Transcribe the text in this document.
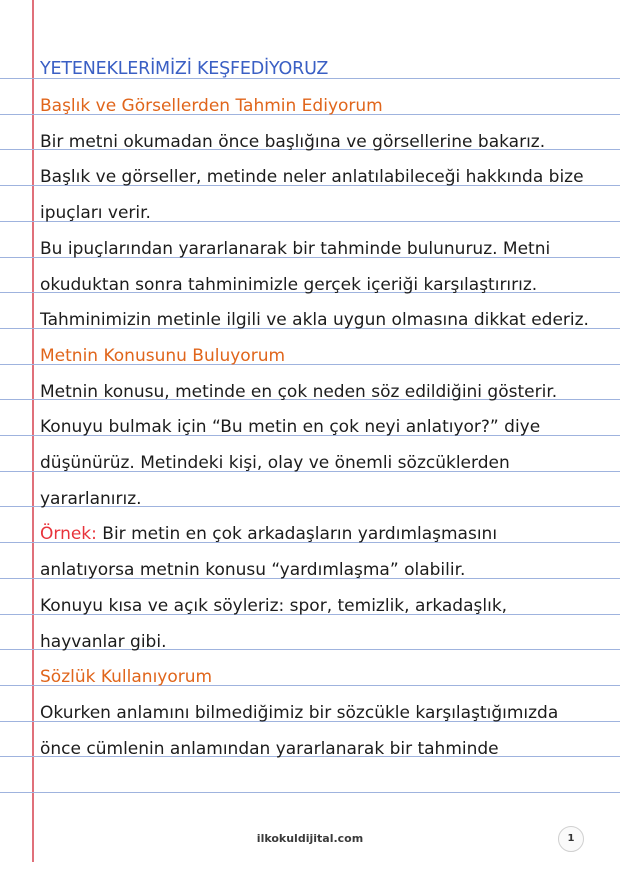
YETENEKLERİMİZİ KEŞFEDİYORUZ
Başlık ve Görsellerden Tahmin Ediyorum
Bir metni okumadan önce başlığına ve görsellerine bakarız.
Başlık ve görseller, metinde neler anlatılabileceği hakkında bize
ipuçları verir.
Bu ipuçlarından yararlanarak bir tahminde bulunuruz. Metni
okuduktan sonra tahminimizle gerçek içeriği karşılaştırırız.
Tahminimizin metinle ilgili ve akla uygun olmasına dikkat ederiz.
Metnin Konusunu Buluyorum
Metnin konusu, metinde en çok neden söz edildiğini gösterir.
Konuyu bulmak için “Bu metin en çok neyi anlatıyor?” diye
düşünürüz. Metindeki kişi, olay ve önemli sözcüklerden
yararlanırız.
Örnek: Bir metin en çok arkadaşların yardımlaşmasını
anlatıyorsa metnin konusu “yardımlaşma” olabilir.
Konuyu kısa ve açık söyleriz: spor, temizlik, arkadaşlık,
hayvanlar gibi.
Sözlük Kullanıyorum
Okurken anlamını bilmediğimiz bir sözcükle karşılaştığımızda
önce cümlenin anlamından yararlanarak bir tahminde
ilkokuldijital.com	1
